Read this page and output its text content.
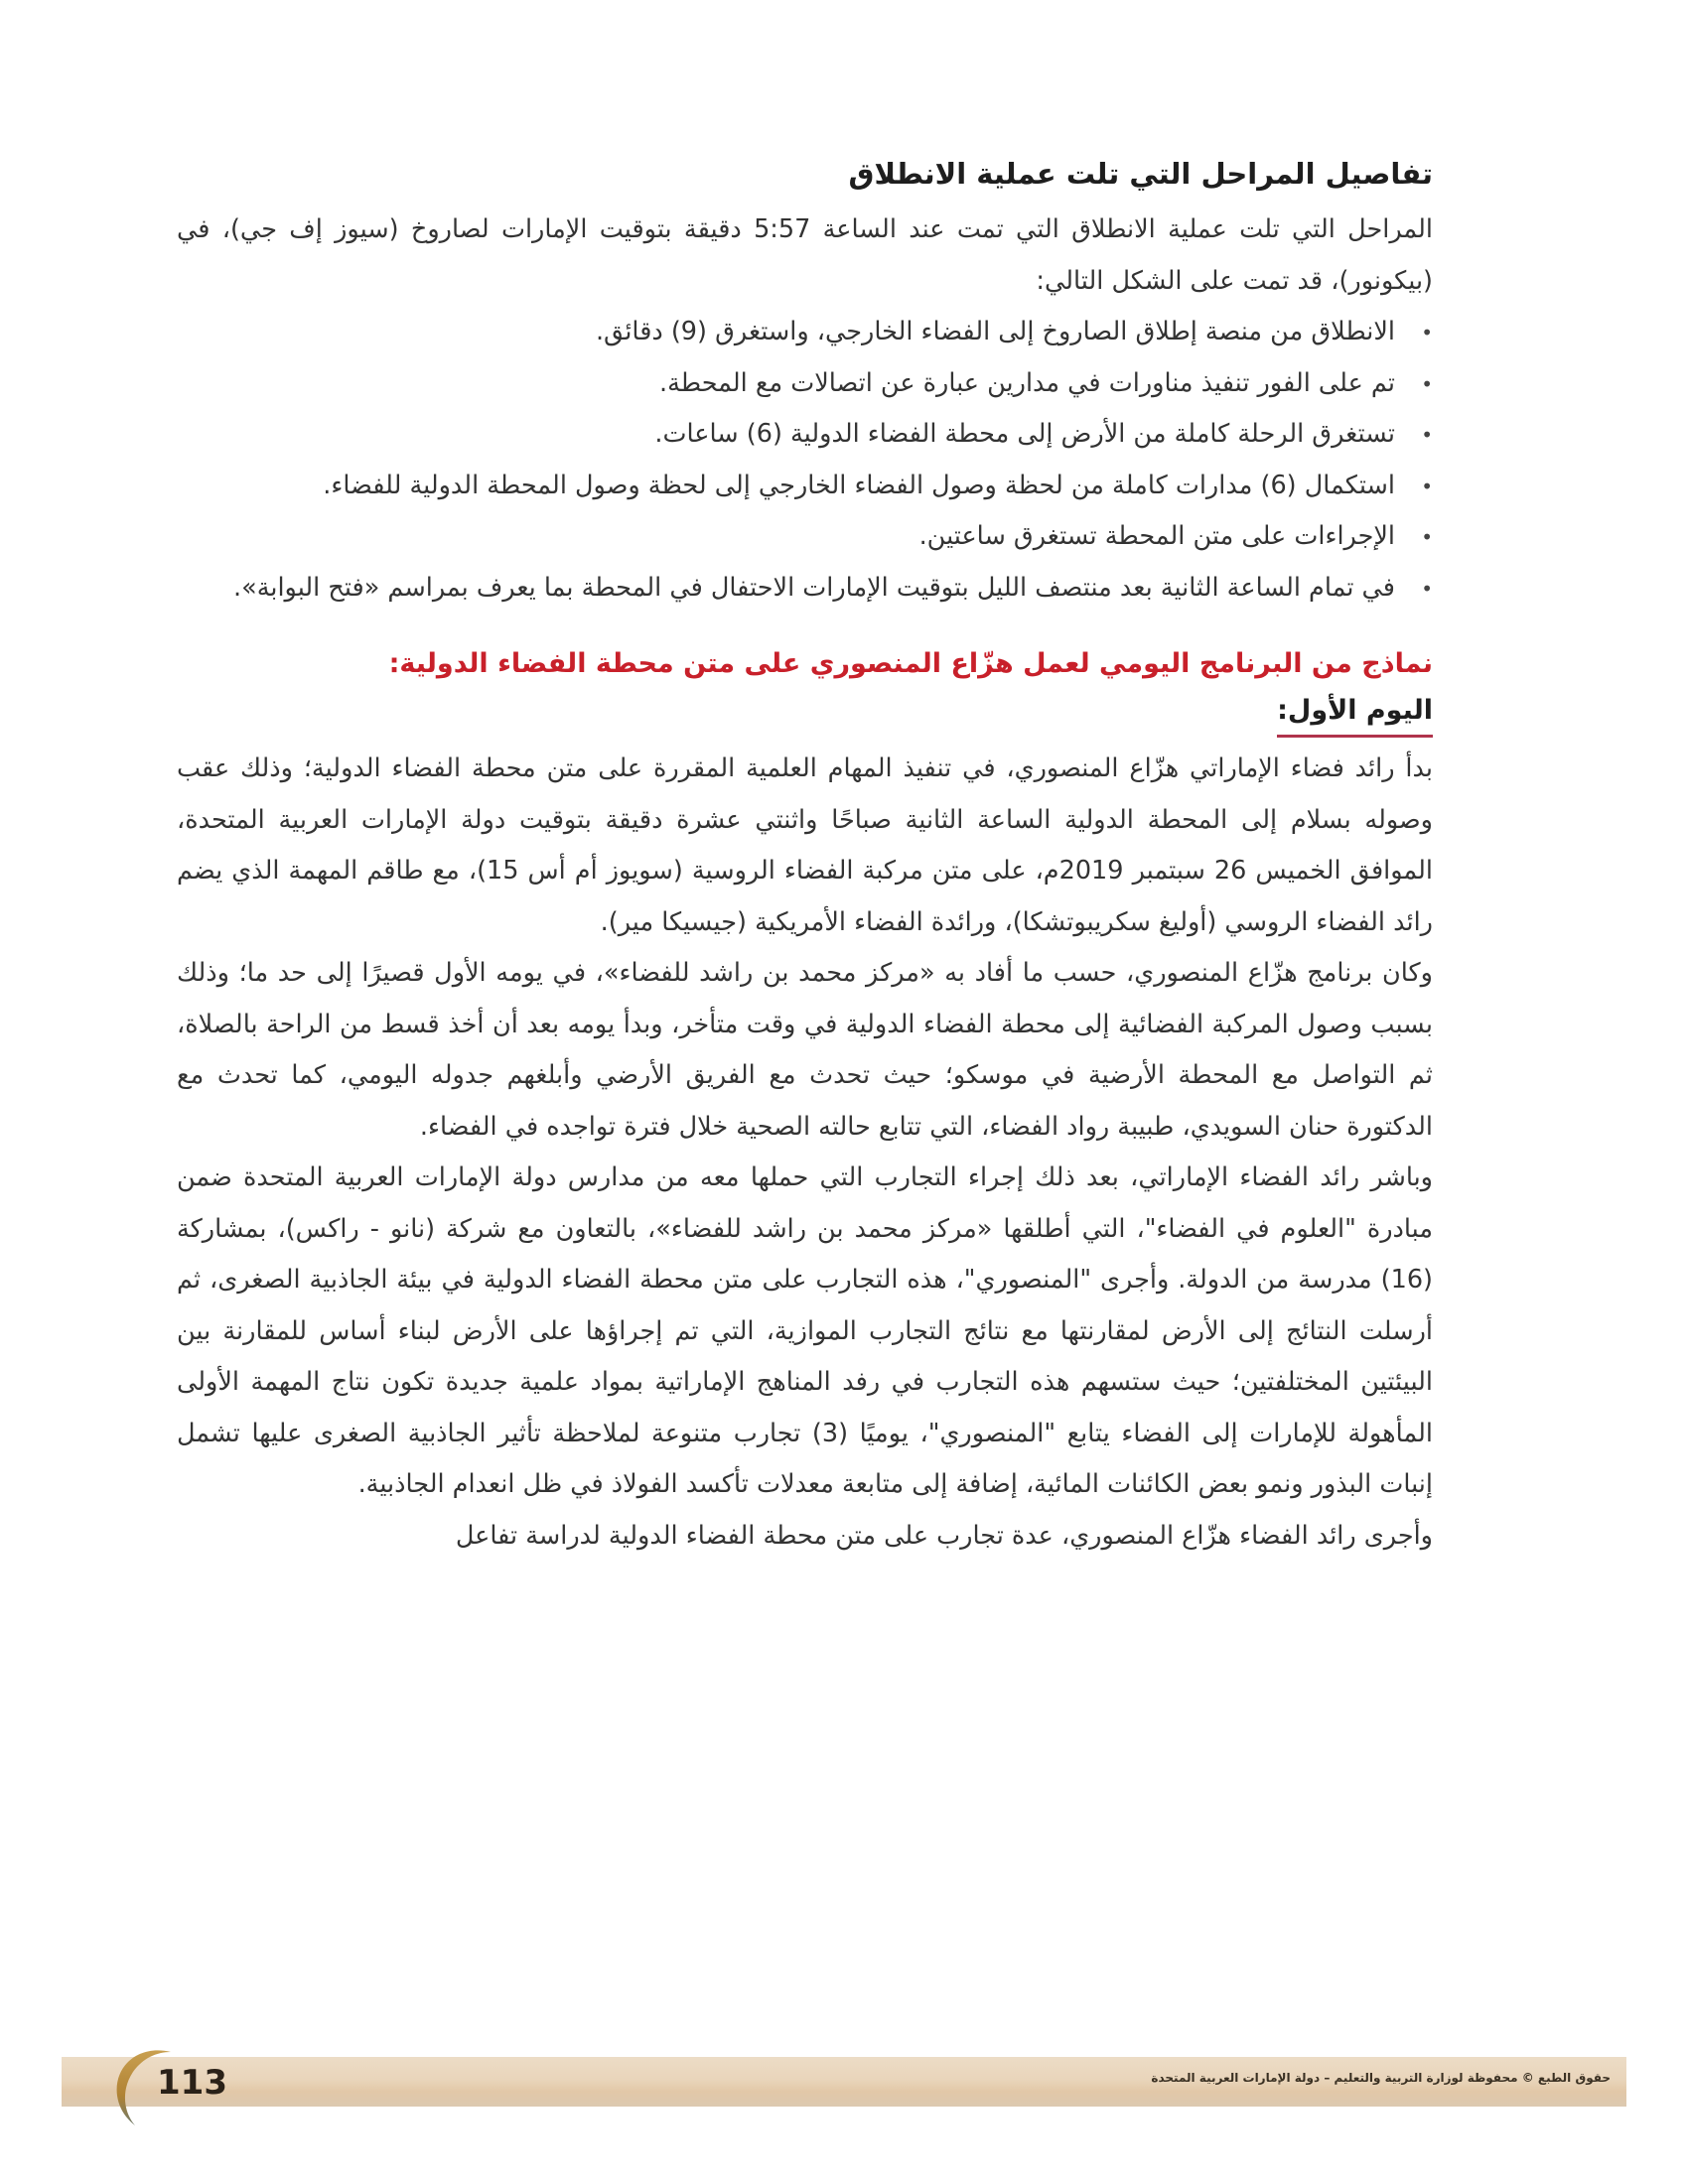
تفاصيل المراحل التي تلت عملية الانطلاق

المراحل التي تلت عملية الانطلاق التي تمت عند الساعة 5:57 دقيقة بتوقيت الإمارات لصاروخ (سيوز إف جي)، في (بيكونور)، قد تمت على الشكل التالي:

•
الانطلاق من منصة إطلاق الصاروخ إلى الفضاء الخارجي، واستغرق (9) دقائق.
•
تم على الفور تنفيذ مناورات في مدارين عبارة عن اتصالات مع المحطة.
•
تستغرق الرحلة كاملة من الأرض إلى محطة الفضاء الدولية (6) ساعات.
•
استكمال (6) مدارات كاملة من لحظة وصول الفضاء الخارجي إلى لحظة وصول المحطة الدولية للفضاء.
•
الإجراءات على متن المحطة تستغرق ساعتين.
•
في تمام الساعة الثانية بعد منتصف الليل بتوقيت الإمارات الاحتفال في المحطة بما يعرف بمراسم «فتح البوابة».
نماذج من البرنامج اليومي لعمل هزّاع المنصوري على متن محطة الفضاء الدولية:
اليوم الأول:

بدأ رائد فضاء الإماراتي هزّاع المنصوري، في تنفيذ المهام العلمية المقررة على متن محطة الفضاء الدولية؛ وذلك عقب وصوله بسلام إلى المحطة الدولية الساعة الثانية صباحًا واثنتي عشرة دقيقة بتوقيت دولة الإمارات العربية المتحدة، الموافق الخميس 26 سبتمبر 2019م، على متن مركبة الفضاء الروسية (سويوز أم أس 15)، مع طاقم المهمة الذي يضم رائد الفضاء الروسي (أوليغ سكريبوتشكا)، ورائدة الفضاء الأمريكية (جيسيكا مير).

وكان برنامج هزّاع المنصوري، حسب ما أفاد به «مركز محمد بن راشد للفضاء»، في يومه الأول قصيرًا إلى حد ما؛ وذلك بسبب وصول المركبة الفضائية إلى محطة الفضاء الدولية في وقت متأخر، وبدأ يومه بعد أن أخذ قسط من الراحة بالصلاة، ثم التواصل مع المحطة الأرضية في موسكو؛ حيث تحدث مع الفريق الأرضي وأبلغهم جدوله اليومي، كما تحدث مع الدكتورة حنان السويدي، طبيبة رواد الفضاء، التي تتابع حالته الصحية خلال فترة تواجده في الفضاء.

وباشر رائد الفضاء الإماراتي، بعد ذلك إجراء التجارب التي حملها معه من مدارس دولة الإمارات العربية المتحدة ضمن مبادرة "العلوم في الفضاء"، التي أطلقها «مركز محمد بن راشد للفضاء»، بالتعاون مع شركة (نانو - راكس)، بمشاركة (16) مدرسة من الدولة. وأجرى "المنصوري"، هذه التجارب على متن محطة الفضاء الدولية في بيئة الجاذبية الصغرى، ثم أرسلت النتائج إلى الأرض لمقارنتها مع نتائج التجارب الموازية، التي تم إجراؤها على الأرض لبناء أساس للمقارنة بين البيئتين المختلفتين؛ حيث ستسهم هذه التجارب في رفد المناهج الإماراتية بمواد علمية جديدة تكون نتاج المهمة الأولى المأهولة للإمارات إلى الفضاء يتابع "المنصوري"، يوميًا (3) تجارب متنوعة لملاحظة تأثير الجاذبية الصغرى عليها تشمل إنبات البذور ونمو بعض الكائنات المائية، إضافة إلى متابعة معدلات تأكسد الفولاذ في ظل انعدام الجاذبية.

وأجرى رائد الفضاء هزّاع المنصوري، عدة تجارب على متن محطة الفضاء الدولية لدراسة تفاعل

حقوق الطبع © محفوظة لوزارة التربية والتعليم – دولة الإمارات العربية المتحدة
113
